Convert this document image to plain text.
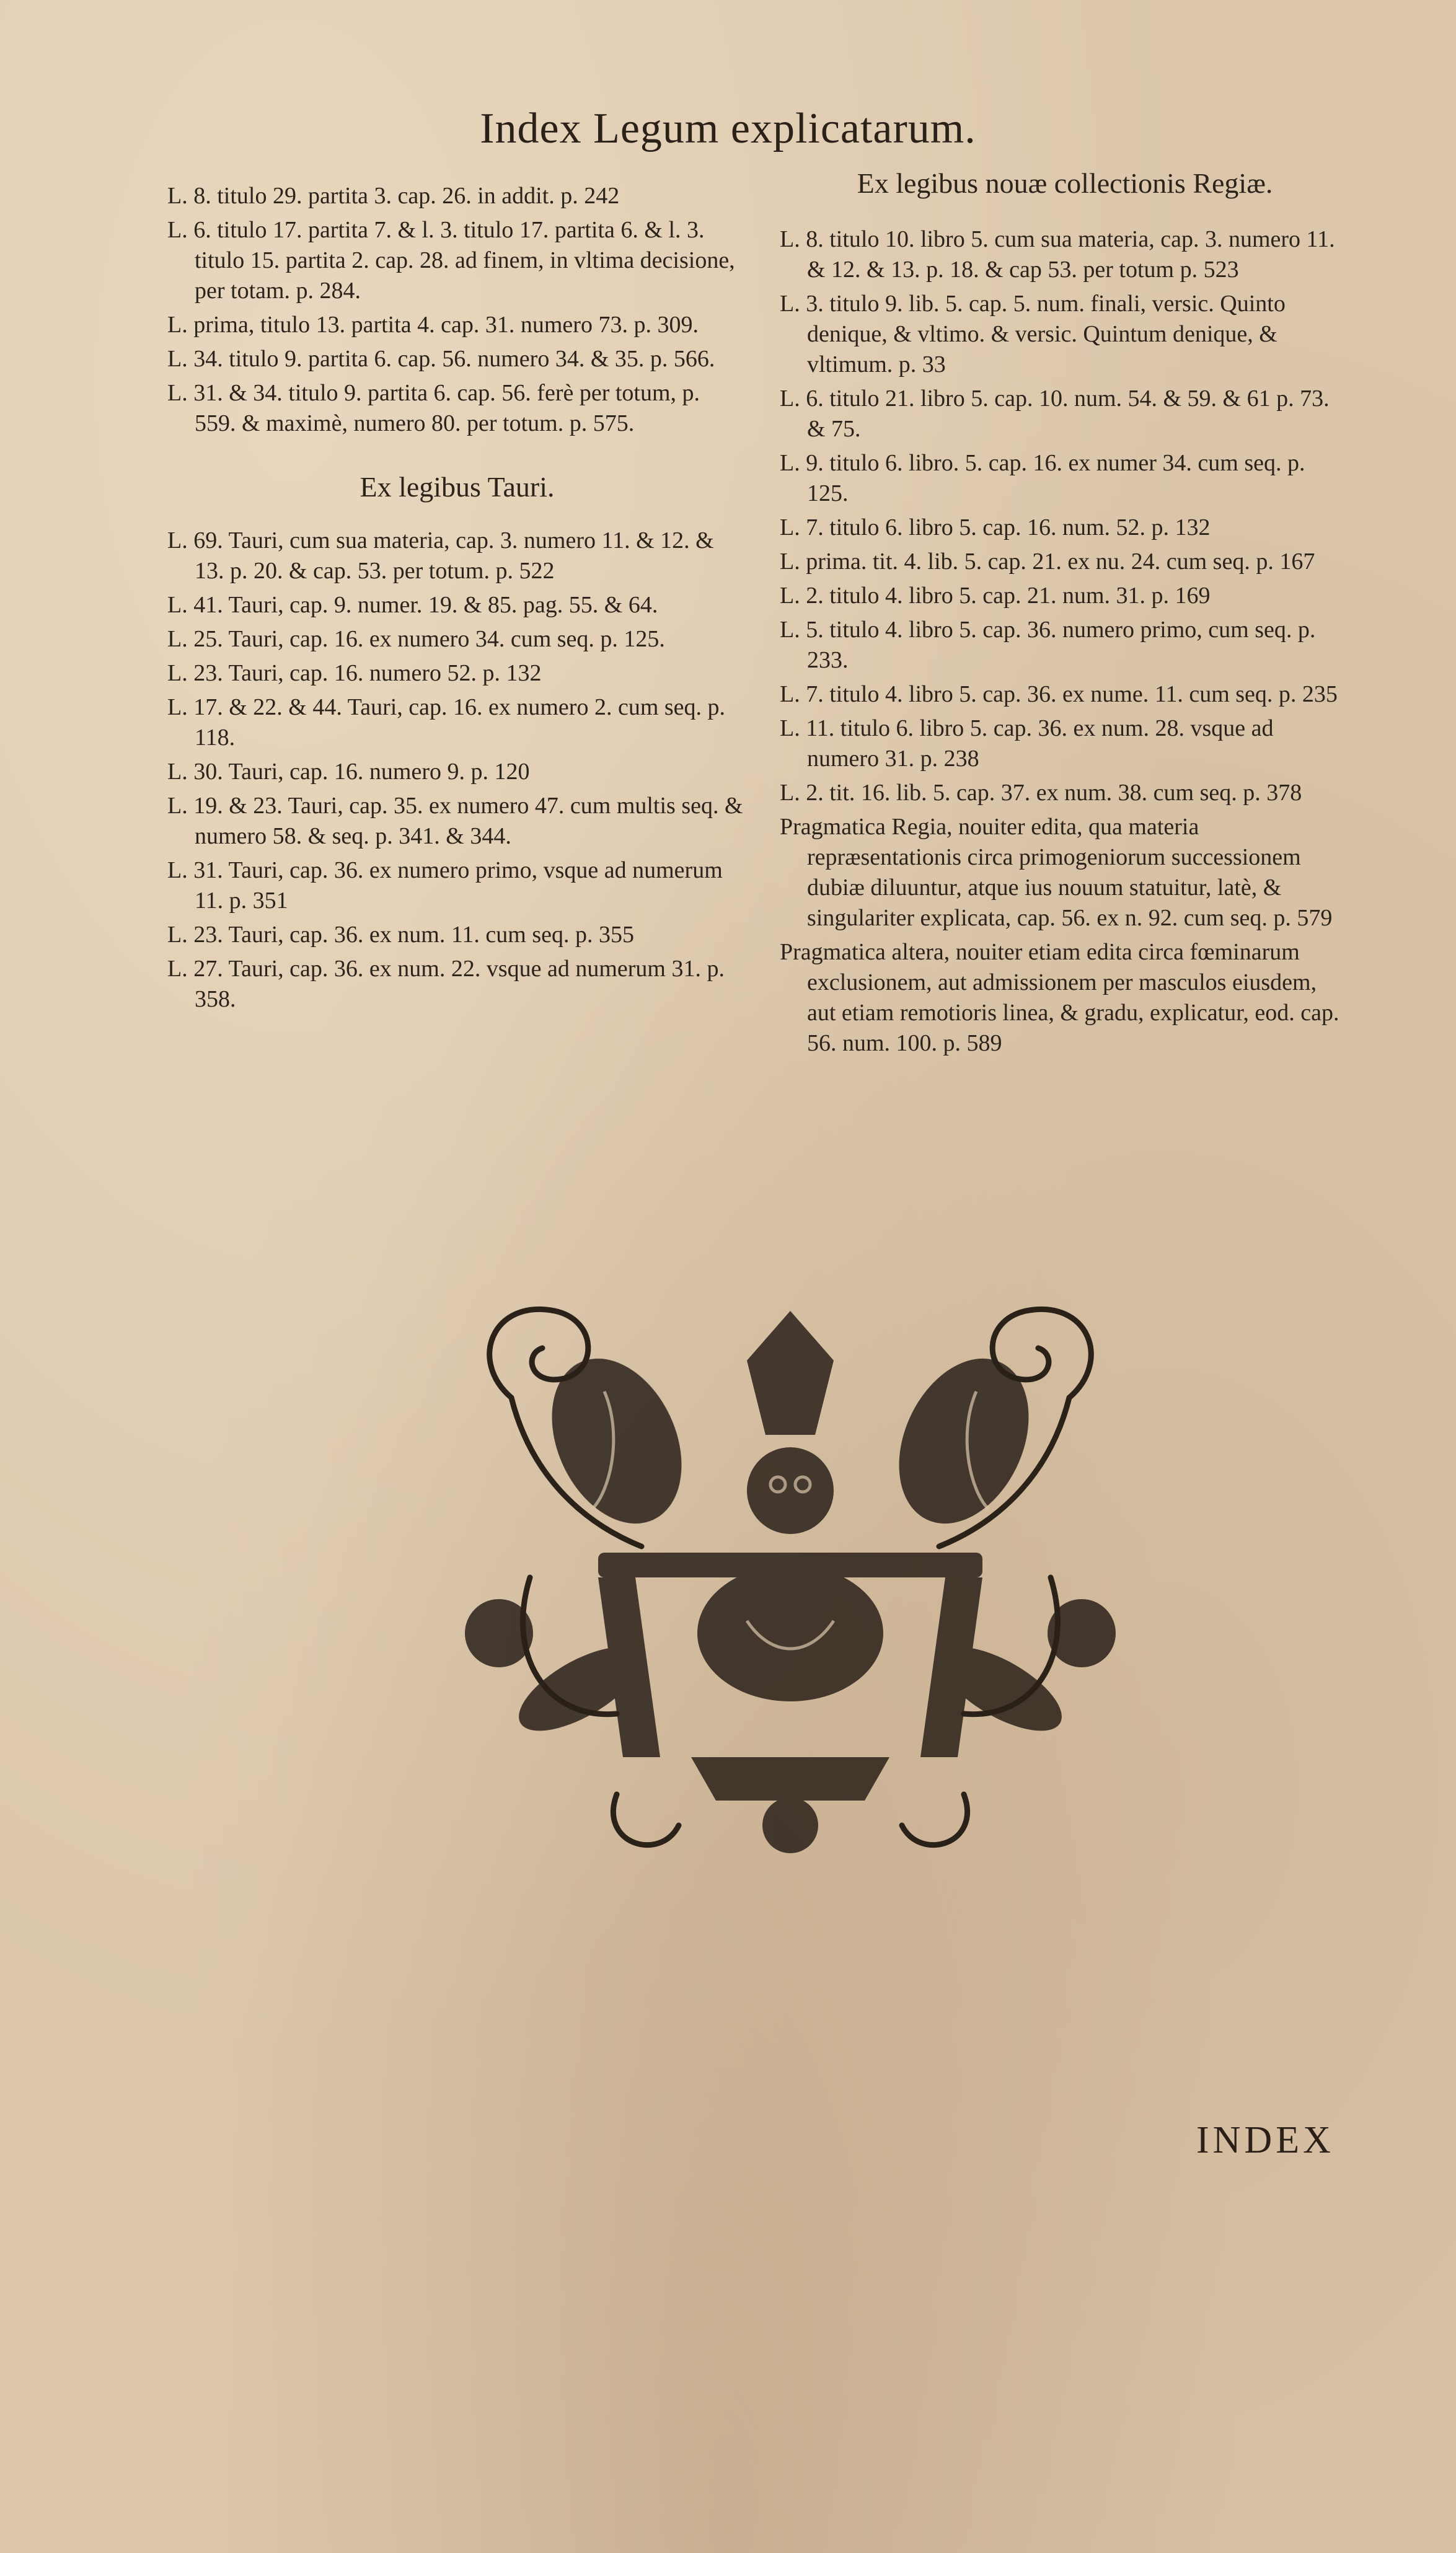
Index Legum explicatarum.
L. 8. titulo 29. partita 3. cap. 26. in addit. p. 242
L. 6. titulo 17. partita 7. & l. 3. titulo 17. partita 6. & l. 3. titulo 15. partita 2. cap. 28. ad finem, in vltima decisione, per totam. p. 284.
L. prima, titulo 13. partita 4. cap. 31. numero 73. p. 309.
L. 34. titulo 9. partita 6. cap. 56. numero 34. & 35. p. 566.
L. 31. & 34. titulo 9. partita 6. cap. 56. ferè per totum, p. 559. & maximè, numero 80. per totum. p. 575.
Ex legibus Tauri.
L. 69. Tauri, cum sua materia, cap. 3. numero 11. & 12. & 13. p. 20. & cap. 53. per totum. p. 522
L. 41. Tauri, cap. 9. numer. 19. & 85. pag. 55. & 64.
L. 25. Tauri, cap. 16. ex numero 34. cum seq. p. 125.
L. 23. Tauri, cap. 16. numero 52. p. 132
L. 17. & 22. & 44. Tauri, cap. 16. ex numero 2. cum seq. p. 118.
L. 30. Tauri, cap. 16. numero 9. p. 120
L. 19. & 23. Tauri, cap. 35. ex numero 47. cum multis seq. & numero 58. & seq. p. 341. & 344.
L. 31. Tauri, cap. 36. ex numero primo, vsque ad numerum 11. p. 351
L. 23. Tauri, cap. 36. ex num. 11. cum seq. p. 355
L. 27. Tauri, cap. 36. ex num. 22. vsque ad numerum 31. p. 358.
Ex legibus nouæ collectionis Regiæ.
L. 8. titulo 10. libro 5. cum sua materia, cap. 3. numero 11. & 12. & 13. p. 18. & cap 53. per totum p. 523
L. 3. titulo 9. lib. 5. cap. 5. num. finali, versic. Quinto denique, & vltimo. & versic. Quintum denique, & vltimum. p. 33
L. 6. titulo 21. libro 5. cap. 10. num. 54. & 59. & 61 p. 73. & 75.
L. 9. titulo 6. libro. 5. cap. 16. ex numer 34. cum seq. p. 125.
L. 7. titulo 6. libro 5. cap. 16. num. 52. p. 132
L. prima. tit. 4. lib. 5. cap. 21. ex nu. 24. cum seq. p. 167
L. 2. titulo 4. libro 5. cap. 21. num. 31. p. 169
L. 5. titulo 4. libro 5. cap. 36. numero primo, cum seq. p. 233.
L. 7. titulo 4. libro 5. cap. 36. ex nume. 11. cum seq. p. 235
L. 11. titulo 6. libro 5. cap. 36. ex num. 28. vsque ad numero 31. p. 238
L. 2. tit. 16. lib. 5. cap. 37. ex num. 38. cum seq. p. 378
Pragmatica Regia, nouiter edita, qua materia repræsentationis circa primogeniorum successionem dubiæ diluuntur, atque ius nouum statuitur, latè, & singulariter explicata, cap. 56. ex n. 92. cum seq. p. 579
Pragmatica altera, nouiter etiam edita circa fœminarum exclusionem, aut admissionem per masculos eiusdem, aut etiam remotioris linea, & gradu, explicatur, eod. cap. 56. num. 100. p. 589
INDEX
